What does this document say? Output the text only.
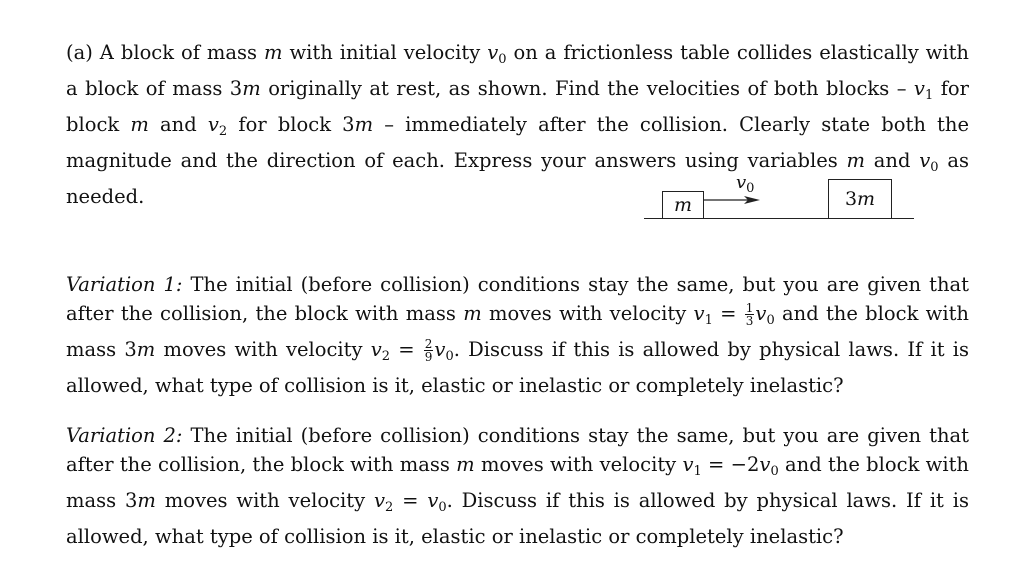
(a) A block of mass m with initial velocity $v_0$ on a frictionless table collides elastically with a block of mass 3m originally at rest, as shown. Find the velocities of both blocks – $v_1$ for block m and $v_2$ for block 3m – immediately after the collision. Clearly state both the magnitude and the direction of each. Express your answers using variables m and $v_0$ as needed.	m
$v_0$	3 m

Variation 1: The initial (before collision) conditions stay the same, but you are given that after the collision, the block with mass m moves with velocity $v_1 = \frac{1}{3} v_0$ and the block with mass 3m moves with velocity $v_2 = \frac{2}{9} v_0$. Discuss if this is allowed by physical laws. If it is allowed, what type of collision is it, elastic or inelastic or completely inelastic?

Variation 2: The initial (before collision) conditions stay the same, but you are given that after the collision, the block with mass m moves with velocity $v_1 = -2v_0$ and the block with mass 3m moves with velocity $v_2 = v_0$. Discuss if this is allowed by physical laws. If it is allowed, what type of collision is it, elastic or inelastic or completely inelastic?
